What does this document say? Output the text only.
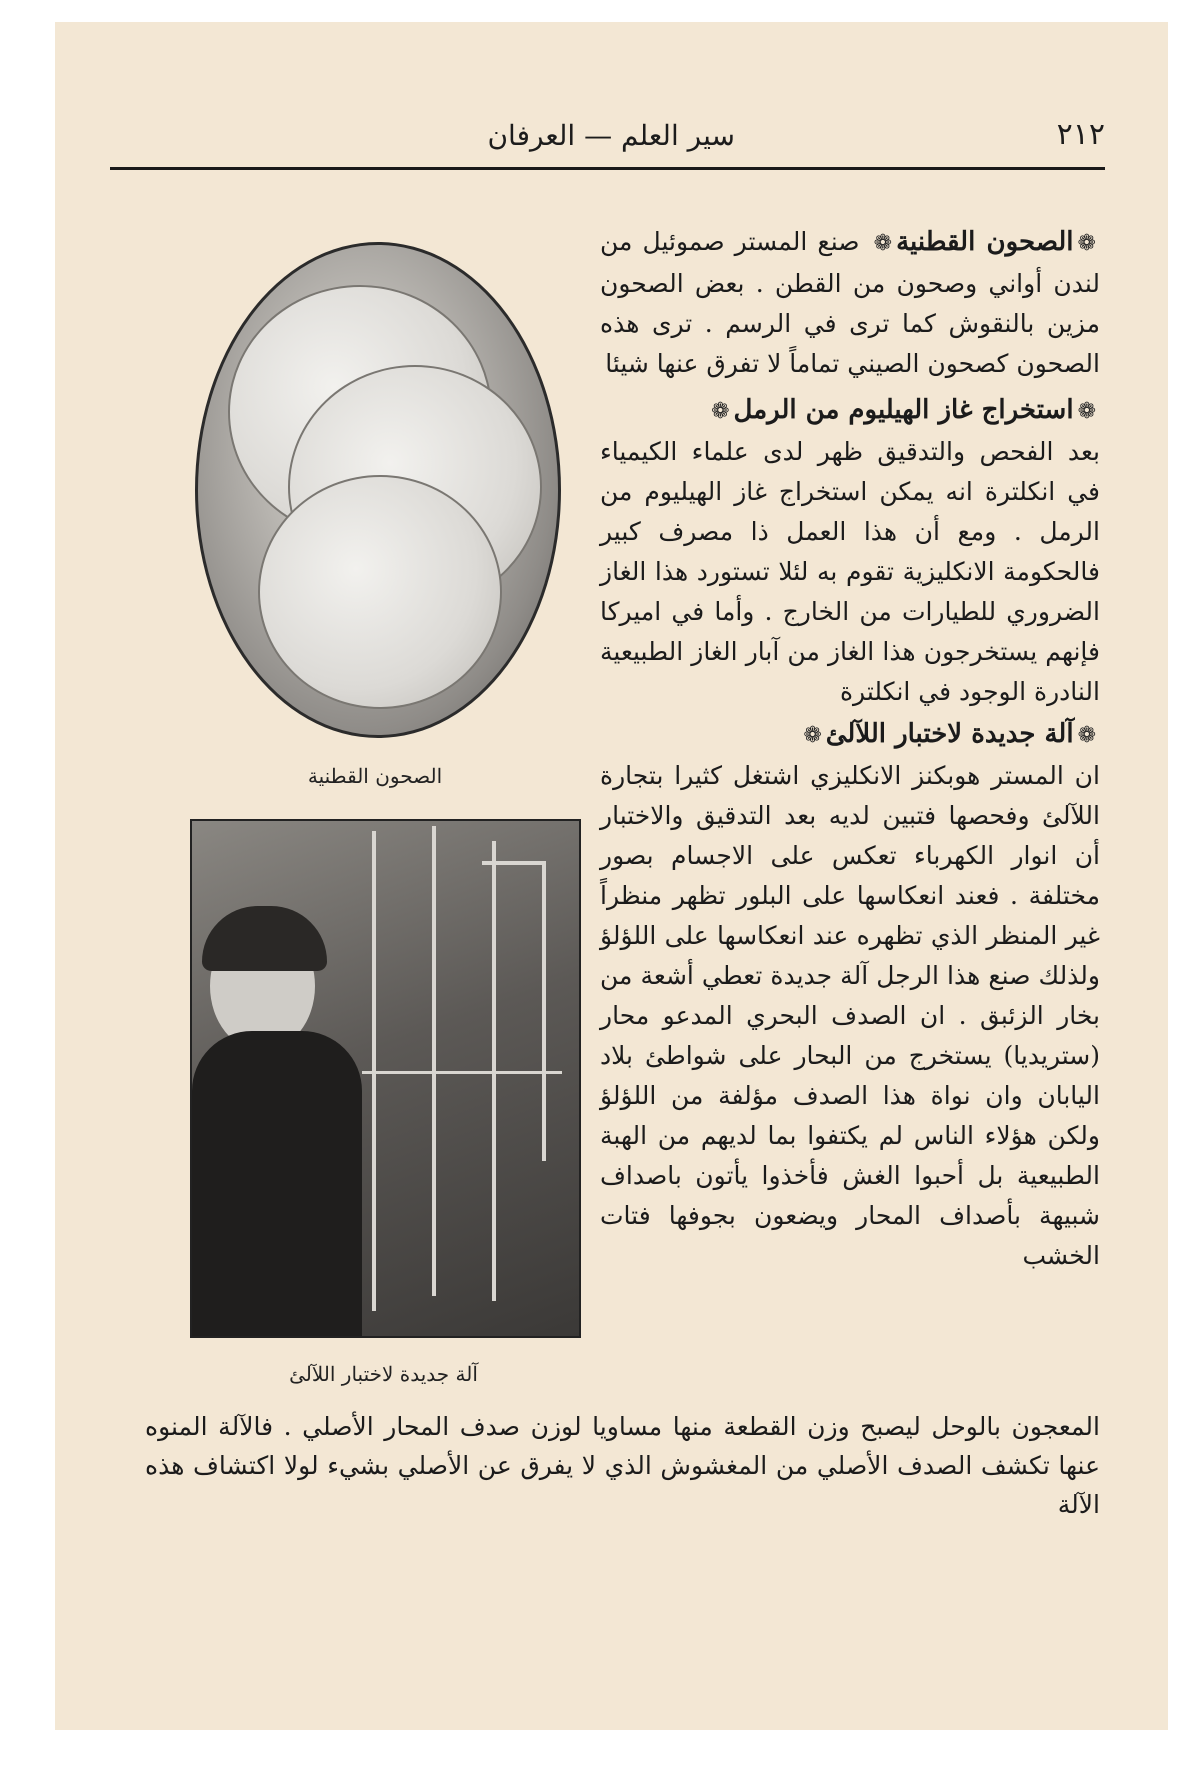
٢١٢
سير العلم — العرفان
الصحون القطنية
آلة جديدة لاختبار اللآلئ

❁الصحون القطنية❁ صنع المستر صموئيل من لندن أواني وصحون من القطن . بعض الصحون مزين بالنقوش كما ترى في الرسم . ترى هذه الصحون كصحون الصيني تماماً لا تفرق عنها شيئا

❁استخراج غاز الهيليوم من الرمل❁

بعد الفحص والتدقيق ظهر لدى علماء الكيمياء في انكلترة انه يمكن استخراج غاز الهيليوم من الرمل . ومع أن هذا العمل ذا مصرف كبير فالحكومة الانكليزية تقوم به لئلا تستورد هذا الغاز الضروري للطيارات من الخارج . وأما في اميركا فإنهم يستخرجون هذا الغاز من آبار الغاز الطبيعية النادرة الوجود في انكلترة

❁آلة جديدة لاختبار اللآلئ❁

ان المستر هوبكنز الانكليزي اشتغل كثيرا بتجارة اللآلئ وفحصها فتبين لديه بعد التدقيق والاختبار أن انوار الكهرباء تعكس على الاجسام بصور مختلفة . فعند انعكاسها على البلور تظهر منظراً غير المنظر الذي تظهره عند انعكاسها على اللؤلؤ ولذلك صنع هذا الرجل آلة جديدة تعطي أشعة من بخار الزئبق . ان الصدف البحري المدعو محار (ستريديا) يستخرج من البحار على شواطئ بلاد اليابان وان نواة هذا الصدف مؤلفة من اللؤلؤ ولكن هؤلاء الناس لم يكتفوا بما لديهم من الهبة الطبيعية بل أحبوا الغش فأخذوا يأتون باصداف شبيهة بأصداف المحار ويضعون بجوفها فتات الخشب

المعجون بالوحل ليصبح وزن القطعة منها مساويا لوزن صدف المحار الأصلي . فالآلة المنوه عنها تكشف الصدف الأصلي من المغشوش الذي لا يفرق عن الأصلي بشيء لولا اكتشاف هذه الآلة
